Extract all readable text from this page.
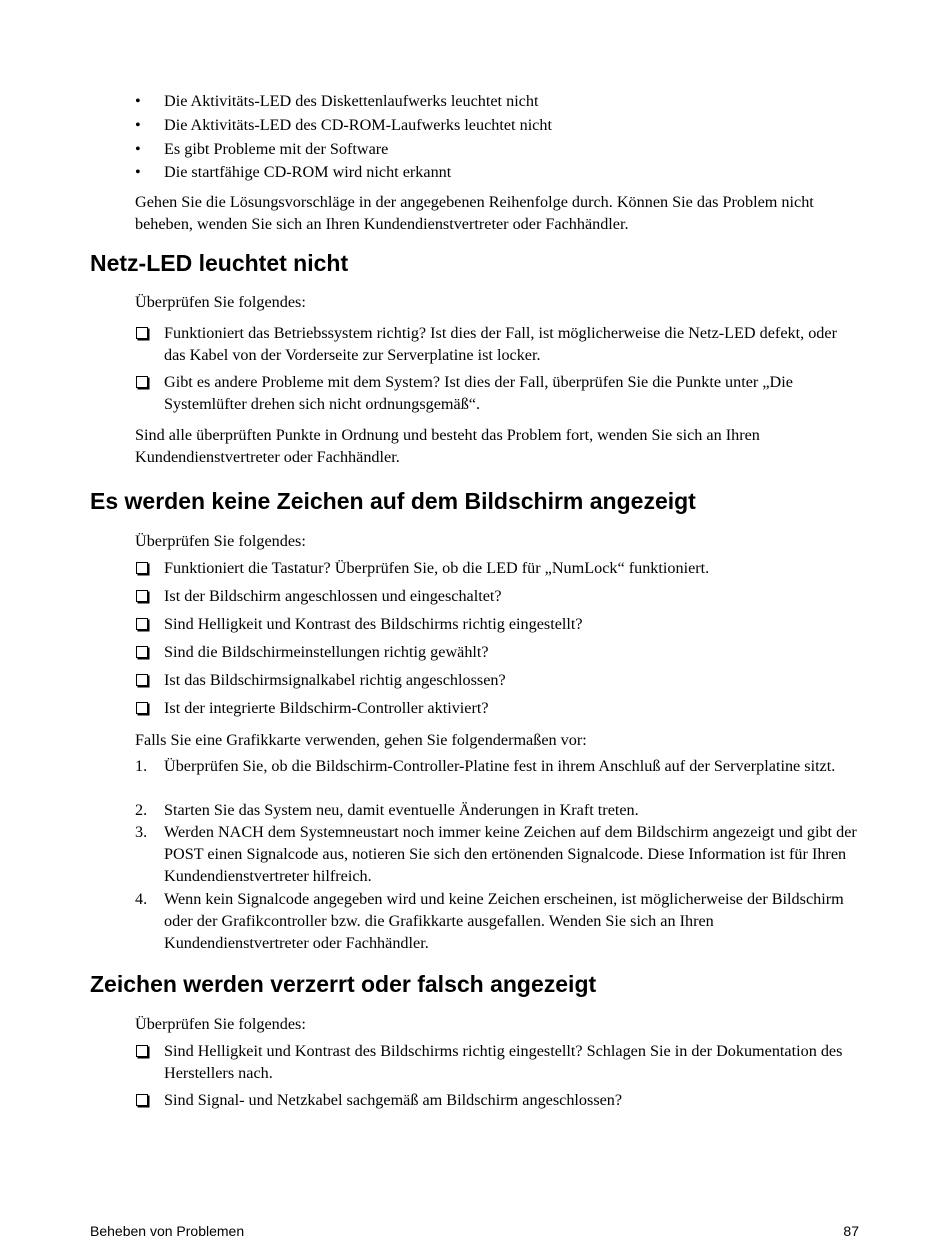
•	Die Aktivitäts-LED des Diskettenlaufwerks leuchtet nicht
•	Die Aktivitäts-LED des CD-ROM-Laufwerks leuchtet nicht
•	Es gibt Probleme mit der Software
•	Die startfähige CD-ROM wird nicht erkannt
Gehen Sie die Lösungsvorschläge in der angegebenen Reihenfolge durch. Können Sie das Problem nicht beheben, wenden Sie sich an Ihren Kundendienstvertreter oder Fachhändler.
Netz-LED leuchtet nicht
Überprüfen Sie folgendes:
Funktioniert das Betriebssystem richtig? Ist dies der Fall, ist möglicherweise die Netz-LED defekt, oder das Kabel von der Vorderseite zur Serverplatine ist locker.
Gibt es andere Probleme mit dem System? Ist dies der Fall, überprüfen Sie die Punkte unter „Die Systemlüfter drehen sich nicht ordnungsgemäß“.
Sind alle überprüften Punkte in Ordnung und besteht das Problem fort, wenden Sie sich an Ihren Kundendienstvertreter oder Fachhändler.
Es werden keine Zeichen auf dem Bildschirm angezeigt
Überprüfen Sie folgendes:
Funktioniert die Tastatur? Überprüfen Sie, ob die LED für „NumLock“ funktioniert.
Ist der Bildschirm angeschlossen und eingeschaltet?
Sind Helligkeit und Kontrast des Bildschirms richtig eingestellt?
Sind die Bildschirmeinstellungen richtig gewählt?
Ist das Bildschirmsignalkabel richtig angeschlossen?
Ist der integrierte Bildschirm-Controller aktiviert?
Falls Sie eine Grafikkarte verwenden, gehen Sie folgendermaßen vor:
1. Überprüfen Sie, ob die Bildschirm-Controller-Platine fest in ihrem Anschluß auf der Serverplatine sitzt.
2. Starten Sie das System neu, damit eventuelle Änderungen in Kraft treten.
3. Werden NACH dem Systemneustart noch immer keine Zeichen auf dem Bildschirm angezeigt und gibt der POST einen Signalcode aus, notieren Sie sich den ertönenden Signalcode. Diese Information ist für Ihren Kundendienstvertreter hilfreich.
4. Wenn kein Signalcode angegeben wird und keine Zeichen erscheinen, ist möglicherweise der Bildschirm oder der Grafikcontroller bzw. die Grafikkarte ausgefallen. Wenden Sie sich an Ihren Kundendienstvertreter oder Fachhändler.
Zeichen werden verzerrt oder falsch angezeigt
Überprüfen Sie folgendes:
Sind Helligkeit und Kontrast des Bildschirms richtig eingestellt? Schlagen Sie in der Dokumentation des Herstellers nach.
Sind Signal- und Netzkabel sachgemäß am Bildschirm angeschlossen?
Beheben von Problemen	87
